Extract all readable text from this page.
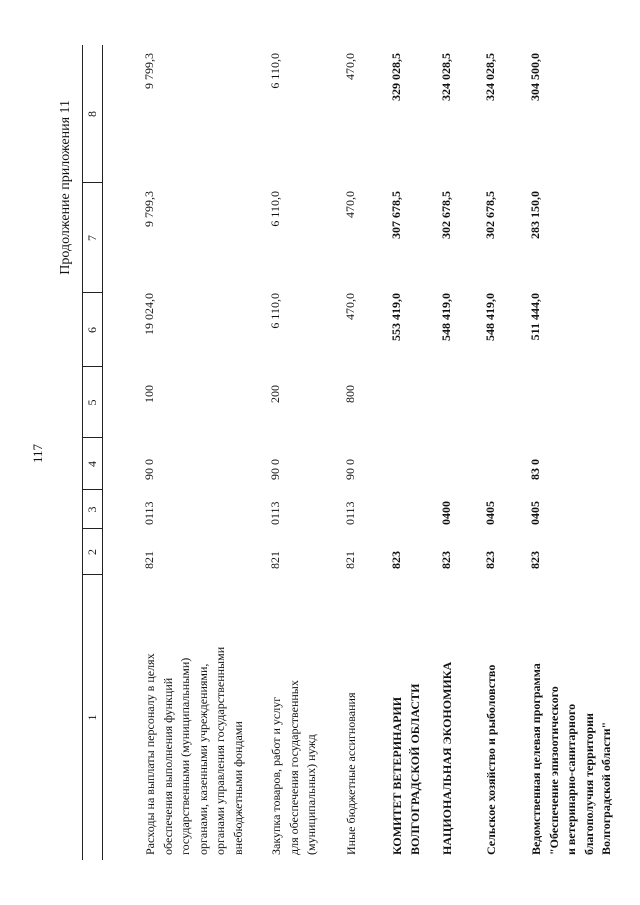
117
Продолжение приложения 11
1
2
3
4
5
6
7
8
Расходы на выплаты персоналу в целях обеспечения выполнения функций государственными (муниципальными) органами, казенными учреждениями, органами управления государственными внебюджетными фондами
821
0113
90 0
100
19 024,0
9 799,3
9 799,3
Закупка товаров, работ и услуг для обеспечения государственных (муниципальных) нужд
821
0113
90 0
200
6 110,0
6 110,0
6 110,0
Иные бюджетные ассигнования
821
0113
90 0
800
470,0
470,0
470,0
КОМИТЕТ ВЕТЕРИНАРИИ ВОЛГОГРАДСКОЙ ОБЛАСТИ
823
553 419,0
307 678,5
329 028,5
НАЦИОНАЛЬНАЯ ЭКОНОМИКА
823
0400
548 419,0
302 678,5
324 028,5
Сельское хозяйство и рыболовство
823
0405
548 419,0
302 678,5
324 028,5
Ведомственная целевая программа "Обеспечение эпизоотического и ветеринарно-санитарного благополучия территории Волгоградской области"
823
0405
83 0
511 444,0
283 150,0
304 500,0
